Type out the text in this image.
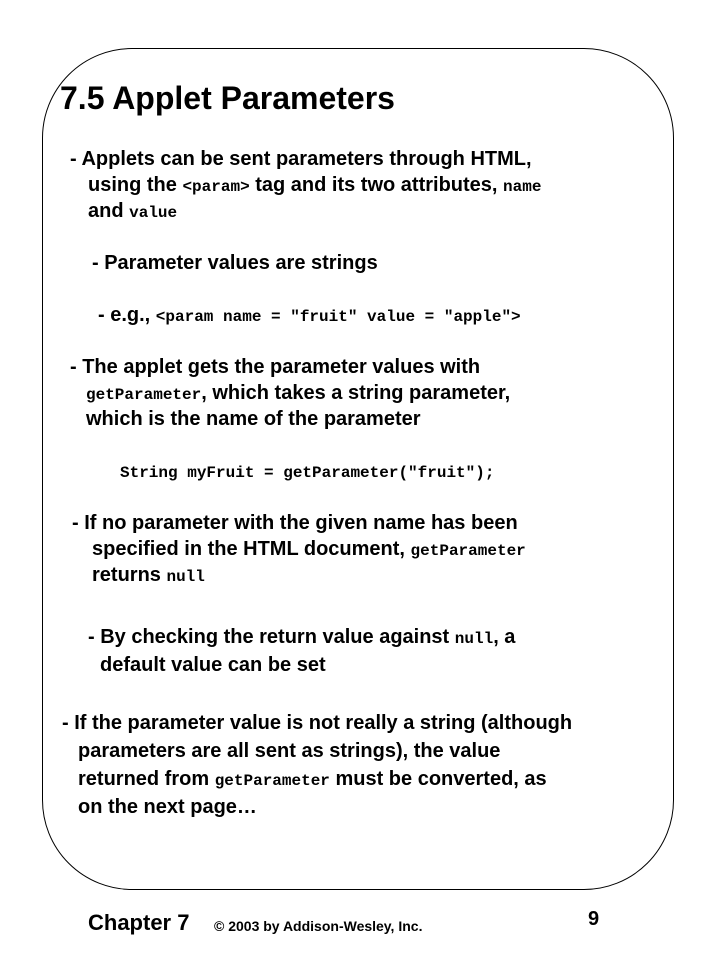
7.5 Applet Parameters
- Applets can be sent parameters through HTML,
using the <param> tag and its two attributes, name
and value
- Parameter values are strings
- e.g., <param name = "fruit" value = "apple">
- The applet gets the parameter values with
getParameter, which takes a string parameter,
which is the name of the parameter
String myFruit = getParameter("fruit");
- If no parameter with the given name has been
specified in the HTML document, getParameter
returns null
- By checking the return value against null, a
default value can be set
- If the parameter value is not really a string (although
parameters are all sent as strings), the value
returned from getParameter must be converted, as
on the next page…
Chapter 7 © 2003 by Addison-Wesley, Inc.	9
